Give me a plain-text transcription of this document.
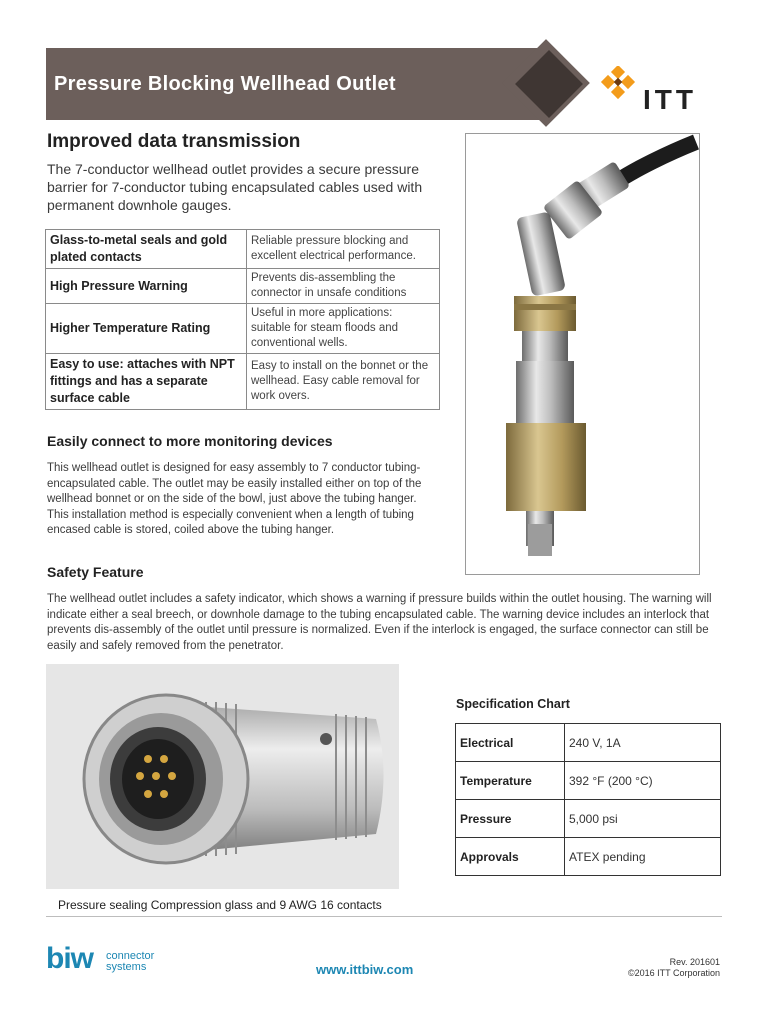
Pressure Blocking Wellhead Outlet	ITT
Improved data transmission
The 7-conductor wellhead outlet provides a secure pressure barrier for 7-conductor tubing encapsulated cables used with permanent downhole gauges.
Glass-to-metal seals and gold plated contacts	Reliable pressure blocking and excellent electrical performance.
High Pressure Warning	Prevents dis-assembling the connector in unsafe conditions
Higher Temperature Rating	Useful in more applications: suitable for steam floods and conventional wells.
Easy to use: attaches with NPT fittings and has a separate surface cable	Easy to install on the bonnet or the wellhead. Easy cable removal for work overs.
Easily connect to more monitoring devices
This wellhead outlet is designed for easy assembly to 7 conductor tubing-encapsulated cable. The outlet may be easily installed either on top of the wellhead bonnet or on the side of the bowl, just above the tubing hanger. This installation method is especially convenient when a length of tubing encased cable is stored, coiled above the tubing hanger.
Safety Feature
The wellhead outlet includes a safety indicator, which shows a warning if pressure builds within the outlet housing. The warning will indicate either a seal breech, or downhole damage to the tubing encapsulated cable. The warning device includes an interlock that prevents dis-assembly of the outlet until pressure is normalized. Even if the interlock is engaged, the surface connector can still be easily and safely removed from the penetrator.
Pressure sealing Compression glass and 9 AWG 16 contacts
Specification Chart
Electrical	240 V, 1A
Temperature	392 °F (200 °C)
Pressure	5,000 psi
Approvals	ATEX pending
biw connector
systems	www.ittbiw.com	Rev. 201601
©2016 ITT Corporation
